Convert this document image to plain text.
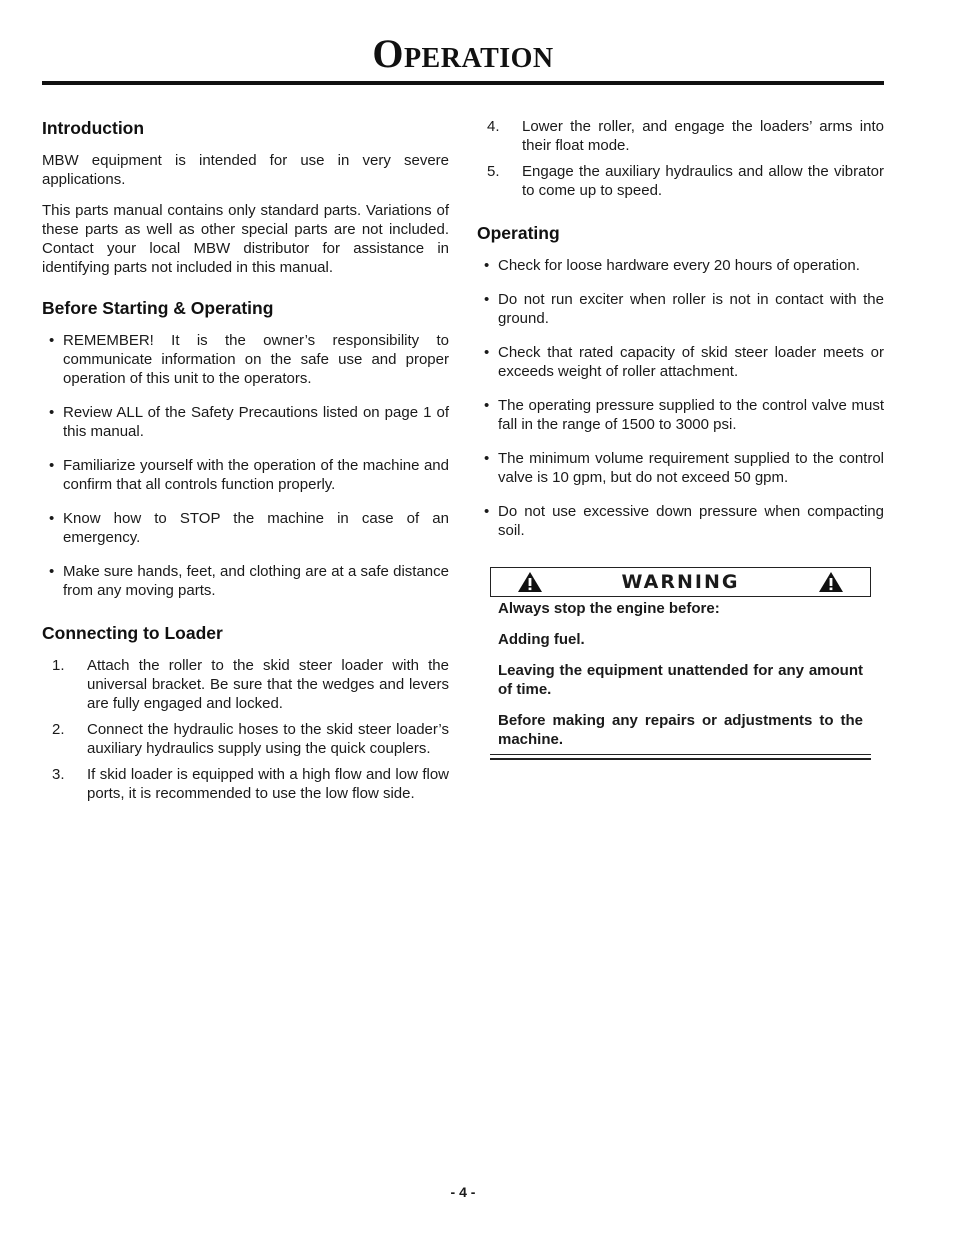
Operation
Introduction

MBW equipment is intended for use in very severe applications.

This parts manual contains only standard parts. Variations of these parts as well as other special parts are not included. Contact your local MBW distributor for assistance in identifying parts not included in this manual.

Before Starting & Operating
• REMEMBER! It is the owner’s responsibility to communicate information on the safe use and proper operation of this unit to the operators.
• Review ALL of the Safety Precautions listed on page 1 of this manual.
• Familiarize yourself with the operation of the machine and confirm that all controls function properly.
• Know how to STOP the machine in case of an emergency.
• Make sure hands, feet, and clothing are at a safe distance from any moving parts.
Connecting to Loader
1. Attach the roller to the skid steer loader with the universal bracket. Be sure that the wedges and levers are fully engaged and locked.
2. Connect the hydraulic hoses to the skid steer loader’s auxiliary hydraulics supply using the quick couplers.
3. If skid loader is equipped with a high flow and low flow ports, it is recommended to use the low flow side.
4. Lower the roller, and engage the loaders’ arms into their float mode.
5. Engage the auxiliary hydraulics and allow the vibrator to come up to speed.
Operating
• Check for loose hardware every 20 hours of operation.
• Do not run exciter when roller is not in contact with the ground.
• Check that rated capacity of skid steer loader meets or exceeds weight of roller attachment.
• The operating pressure supplied to the control valve must fall in the range of 1500 to 3000 psi.
• The minimum volume requirement supplied to the control valve is 10 gpm, but do not exceed 50 gpm.
• Do not use excessive down pressure when compacting soil.
WARNING

Always stop the engine before:

Adding fuel.

Leaving the equipment unattended for any amount of time.

Before making any repairs or adjustments to the machine.

- 4 -
